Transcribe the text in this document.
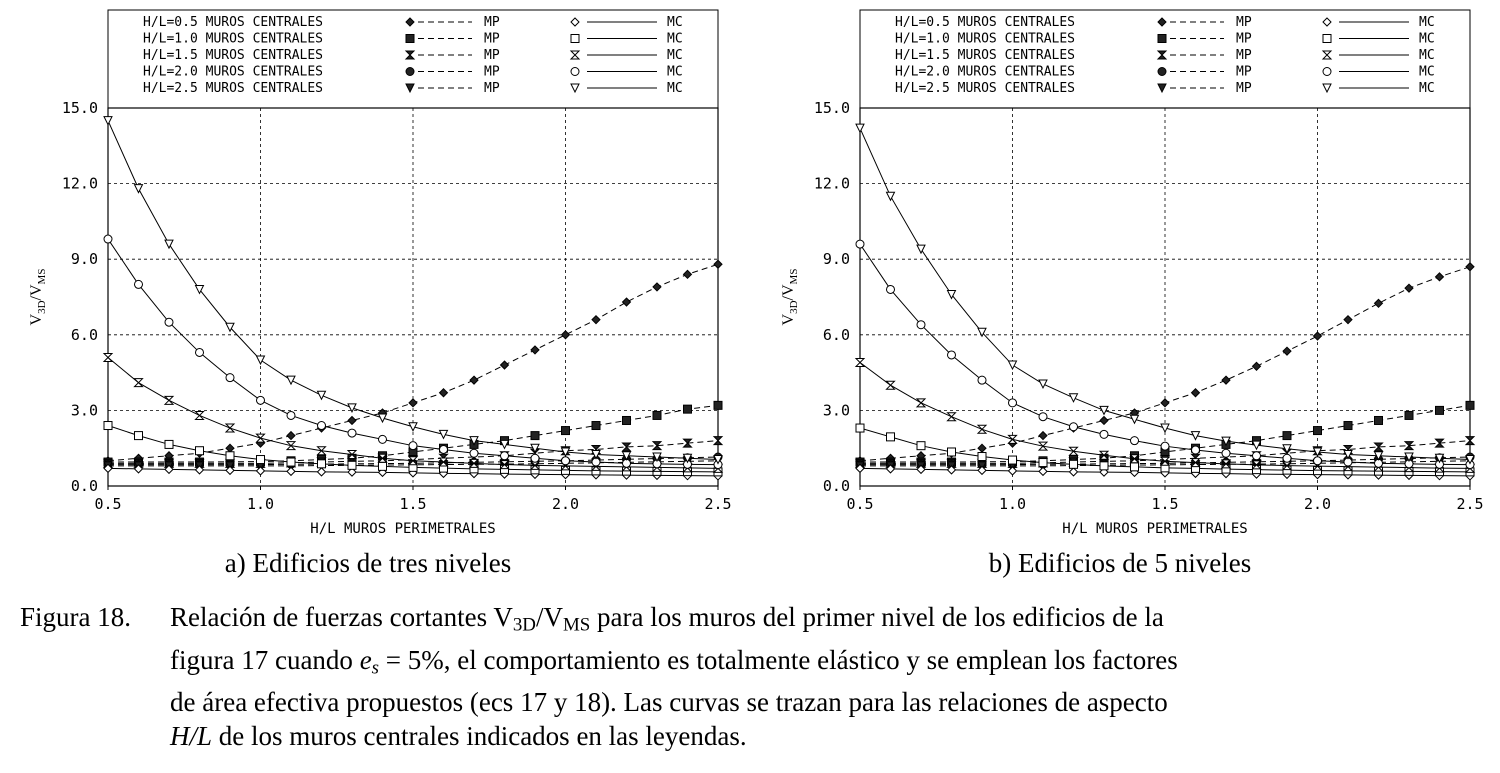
0.5	1.0	1.5	2.0	2.5
0.0
3.0
6.0
9.0
12.0
15.0
H/L MUROS PERIMETRALES
$V_{3D}/V_{MS}$
a) Edificios de tres niveles
H/L=0.5 MUROS CENTRALES	MP	MC
H/L=1.0 MUROS CENTRALES	MP	MC
H/L=1.5 MUROS CENTRALES	MP	MC
H/L=2.0 MUROS CENTRALES	MP	MC
H/L=2.5 MUROS CENTRALES	MP	MC
0.5	1.0	1.5	2.0	2.5
0.0
3.0
6.0
9.0
12.0
15.0
H/L MUROS PERIMETRALES
$V_{3D}/V_{MS}$
b) Edificios de 5 niveles
H/L=0.5 MUROS CENTRALES	MP	MC
H/L=1.0 MUROS CENTRALES	MP	MC
H/L=1.5 MUROS CENTRALES	MP	MC
H/L=2.0 MUROS CENTRALES	MP	MC
H/L=2.5 MUROS CENTRALES	MP	MC
Figura 18. Relación de fuerzas cortantes $V_{3D}/V_{MS}$ para los muros del primer nivel de los edificios de la
figura 17 cuando $e_s = 5\%$, el comportamiento es totalmente elástico y se emplean los factores
de área efectiva propuestos (ecs 17 y 18). Las curvas se trazan para las relaciones de aspecto
H/L de los muros centrales indicados en las leyendas.
